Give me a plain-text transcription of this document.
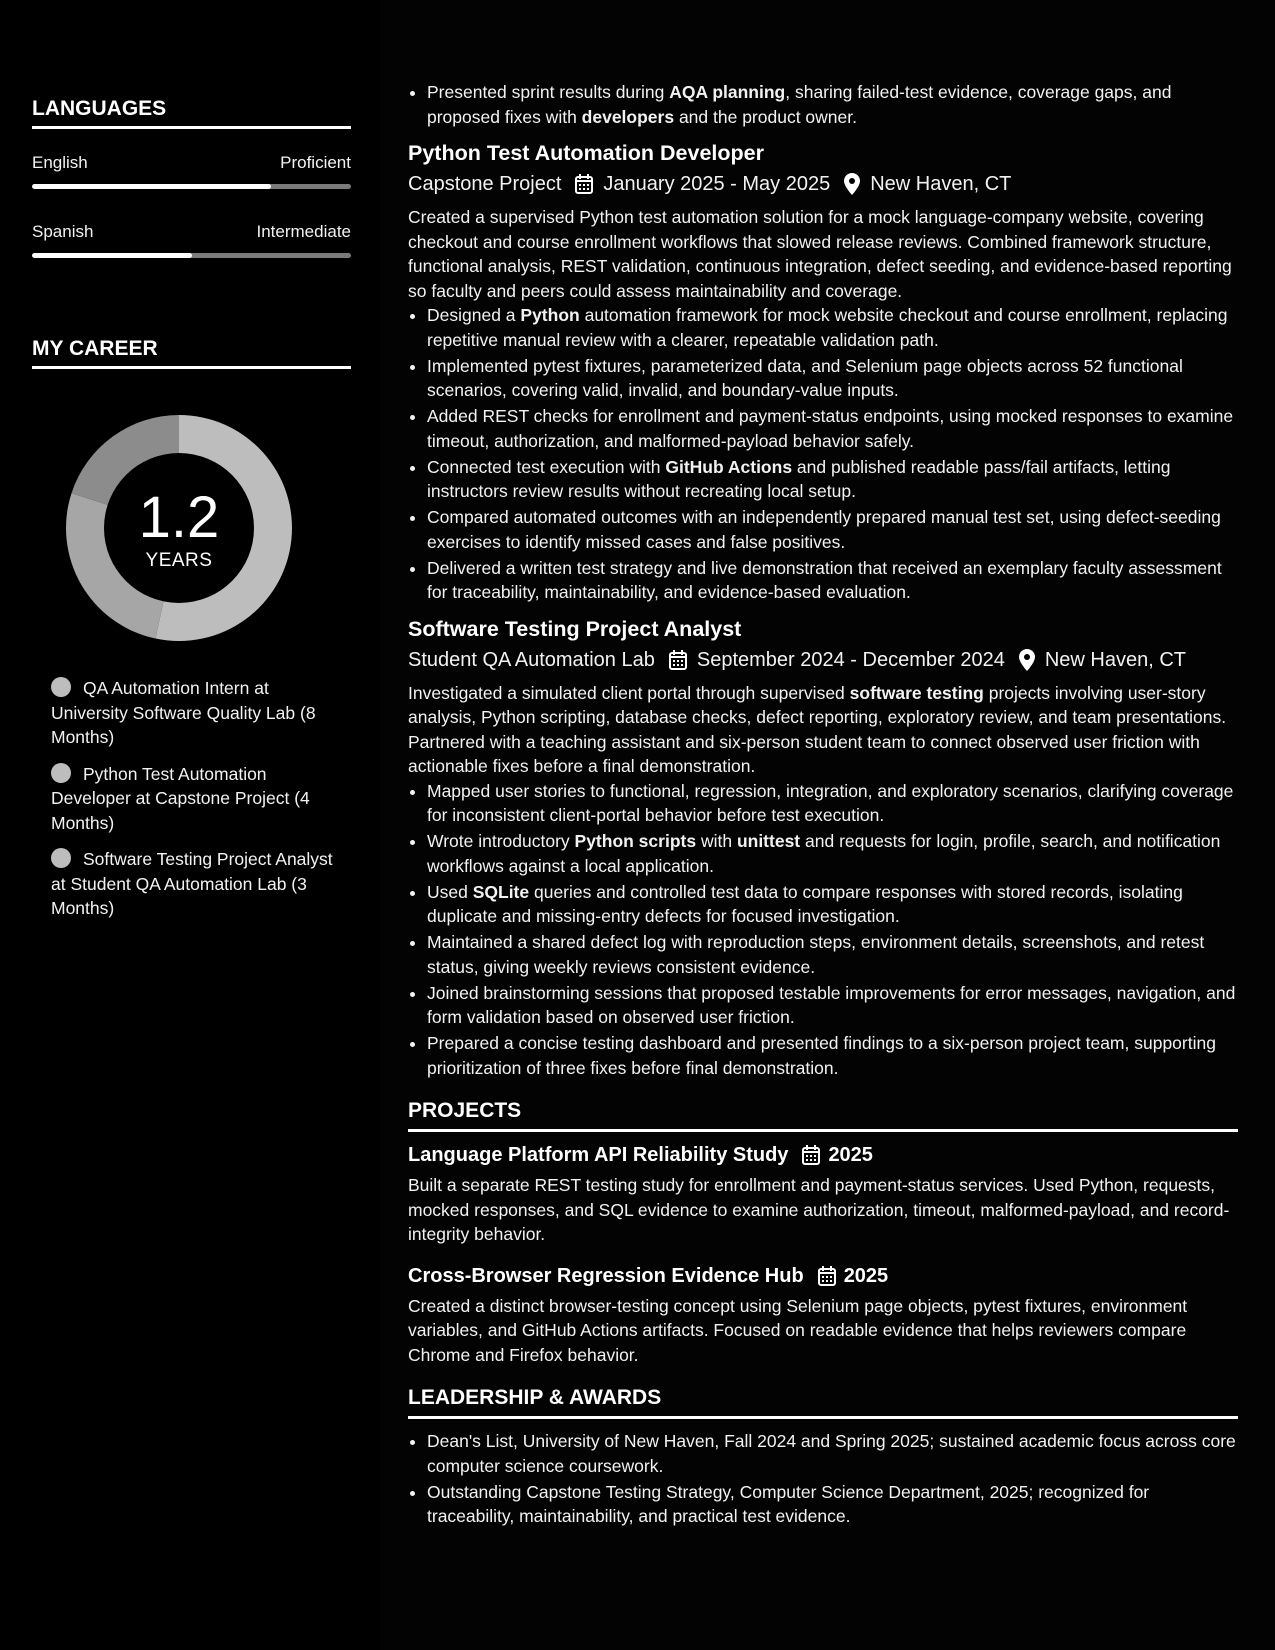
LANGUAGES
English	Proficient
Spanish	Intermediate
MY CAREER
1.2
YEARS
QA Automation Intern at University Software Quality Lab (8 Months)
Python Test Automation Developer at Capstone Project (4 Months)
Software Testing Project Analyst at Student QA Automation Lab (3 Months)
• Presented sprint results during AQA planning, sharing failed-test evidence, coverage gaps, and proposed fixes with developers and the product owner.
Python Test Automation Developer
Capstone Project January 2025 - May 2025 New Haven, CT
Created a supervised Python test automation solution for a mock language-company website, covering checkout and course enrollment workflows that slowed release reviews. Combined framework structure, functional analysis, REST validation, continuous integration, defect seeding, and evidence-based reporting so faculty and peers could assess maintainability and coverage.
• Designed a Python automation framework for mock website checkout and course enrollment, replacing repetitive manual review with a clearer, repeatable validation path.
• Implemented pytest fixtures, parameterized data, and Selenium page objects across 52 functional scenarios, covering valid, invalid, and boundary-value inputs.
• Added REST checks for enrollment and payment-status endpoints, using mocked responses to examine timeout, authorization, and malformed-payload behavior safely.
• Connected test execution with GitHub Actions and published readable pass/fail artifacts, letting instructors review results without recreating local setup.
• Compared automated outcomes with an independently prepared manual test set, using defect-seeding exercises to identify missed cases and false positives.
• Delivered a written test strategy and live demonstration that received an exemplary faculty assessment for traceability, maintainability, and evidence-based evaluation.
Software Testing Project Analyst
Student QA Automation Lab September 2024 - December 2024 New Haven, CT
Investigated a simulated client portal through supervised software testing projects involving user-story analysis, Python scripting, database checks, defect reporting, exploratory review, and team presentations. Partnered with a teaching assistant and six-person student team to connect observed user friction with actionable fixes before a final demonstration.
• Mapped user stories to functional, regression, integration, and exploratory scenarios, clarifying coverage for inconsistent client-portal behavior before test execution.
• Wrote introductory Python scripts with unittest and requests for login, profile, search, and notification workflows against a local application.
• Used SQLite queries and controlled test data to compare responses with stored records, isolating duplicate and missing-entry defects for focused investigation.
• Maintained a shared defect log with reproduction steps, environment details, screenshots, and retest status, giving weekly reviews consistent evidence.
• Joined brainstorming sessions that proposed testable improvements for error messages, navigation, and form validation based on observed user friction.
• Prepared a concise testing dashboard and presented findings to a six-person project team, supporting prioritization of three fixes before final demonstration.
PROJECTS
Language Platform API Reliability Study 2025
Built a separate REST testing study for enrollment and payment-status services. Used Python, requests, mocked responses, and SQL evidence to examine authorization, timeout, malformed-payload, and record-integrity behavior.
Cross-Browser Regression Evidence Hub 2025
Created a distinct browser-testing concept using Selenium page objects, pytest fixtures, environment variables, and GitHub Actions artifacts. Focused on readable evidence that helps reviewers compare Chrome and Firefox behavior.
LEADERSHIP & AWARDS
• Dean's List, University of New Haven, Fall 2024 and Spring 2025; sustained academic focus across core computer science coursework.
• Outstanding Capstone Testing Strategy, Computer Science Department, 2025; recognized for traceability, maintainability, and practical test evidence.
